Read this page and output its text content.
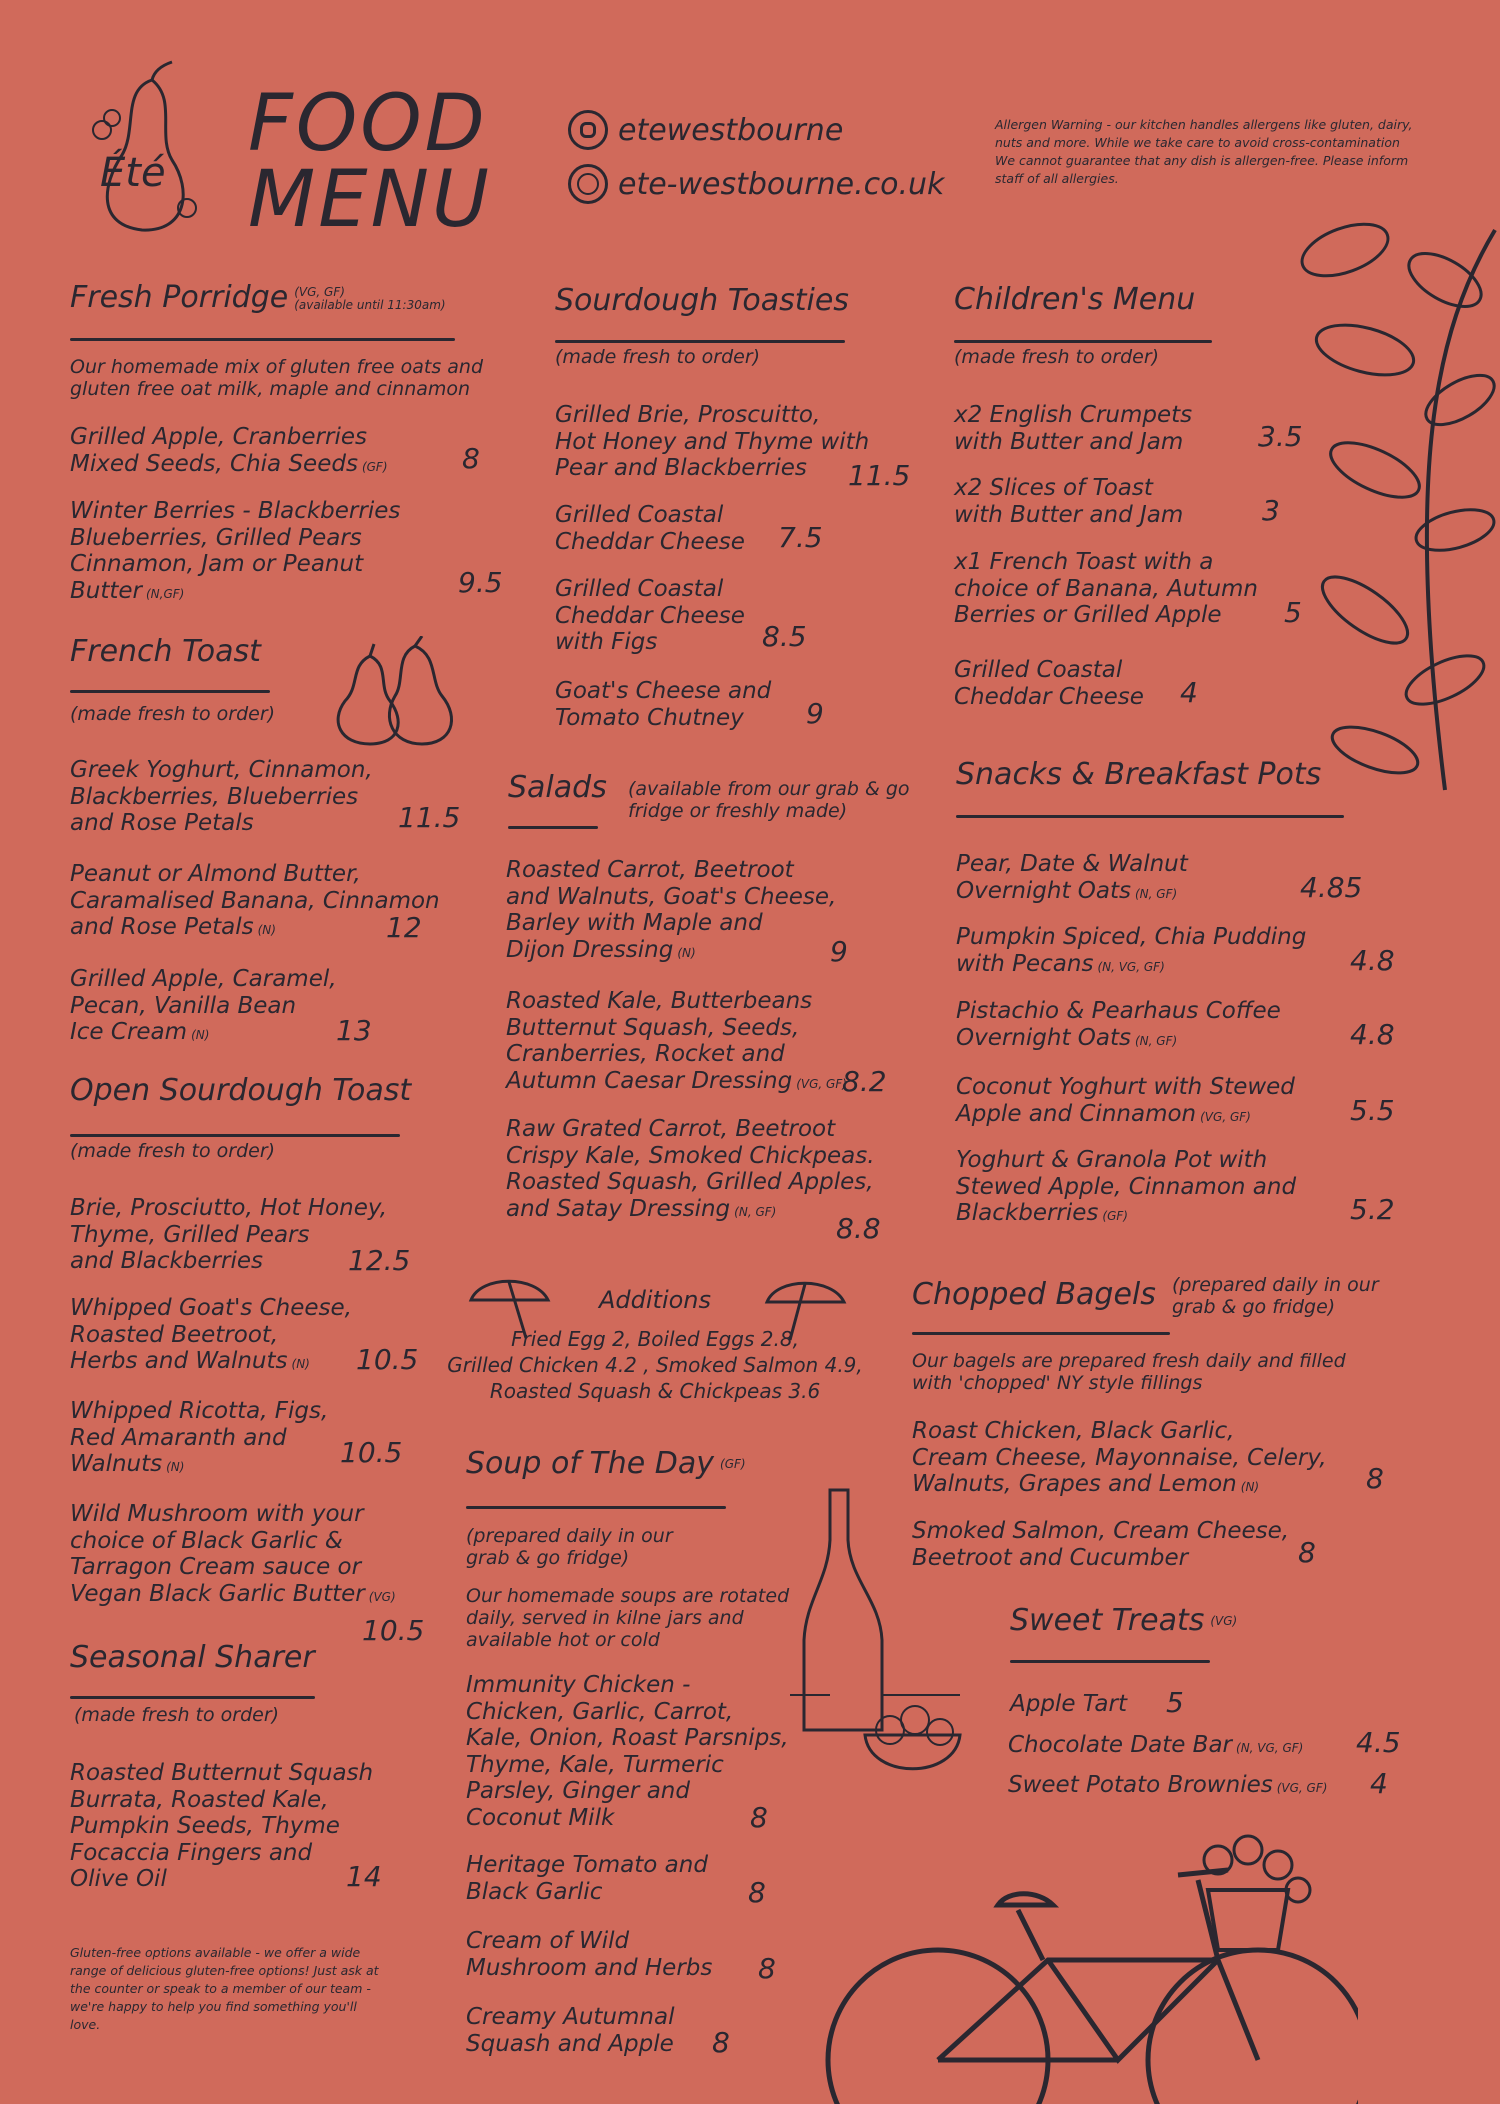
Été
FOOD
MENU
etewestbourne
ete-westbourne.co.uk
Allergen Warning - our kitchen handles allergens like gluten, dairy, nuts and more. While we take care to avoid cross-contamination We cannot guarantee that any dish is allergen-free. Please inform staff of all allergies.
Fresh Porridge (VG, GF)
(available until 11:30am)
Our homemade mix of gluten free oats and gluten free oat milk, maple and cinnamon
Grilled Apple, Cranberries
Mixed Seeds, Chia Seeds (GF)	8
Winter Berries - Blackberries
Blueberries, Grilled Pears
Cinnamon, Jam or Peanut
Butter (N,GF)	9.5
French Toast
(made fresh to order)
Greek Yoghurt, Cinnamon,
Blackberries, Blueberries
and Rose Petals	11.5
Peanut or Almond Butter,
Caramalised Banana, Cinnamon
and Rose Petals (N)	12
Grilled Apple, Caramel,
Pecan, Vanilla Bean
Ice Cream (N)	13
Open Sourdough Toast
(made fresh to order)
Brie, Prosciutto, Hot Honey,
Thyme, Grilled Pears
and Blackberries	12.5
Whipped Goat's Cheese,
Roasted Beetroot,
Herbs and Walnuts (N)	10.5
Whipped Ricotta, Figs,
Red Amaranth and
Walnuts (N)	10.5
Wild Mushroom with your
choice of Black Garlic &
Tarragon Cream sauce or
Vegan Black Garlic Butter (VG)
10.5
Seasonal Sharer
(made fresh to order)
Roasted Butternut Squash
Burrata, Roasted Kale,
Pumpkin Seeds, Thyme
Focaccia Fingers and
Olive Oil	14
Gluten-free options available - we offer a wide range of delicious gluten-free options! Just ask at the counter or speak to a member of our team - we're happy to help you find something you'll love.
Sourdough Toasties
(made fresh to order)
Grilled Brie, Proscuitto,
Hot Honey and Thyme with
Pear and Blackberries	11.5
Grilled Coastal
Cheddar Cheese 7.5
Grilled Coastal
Cheddar Cheese
with Figs	8.5
Goat's Cheese and
Tomato Chutney	9
Salads (available from our grab & go fridge or freshly made)
Roasted Carrot, Beetroot
and Walnuts, Goat's Cheese,
Barley with Maple and
Dijon Dressing (N)	9
Roasted Kale, Butterbeans
Butternut Squash, Seeds,
Cranberries, Rocket and
Autumn Caesar Dressing (VG, GF)
8.2
Raw Grated Carrot, Beetroot
Crispy Kale, Smoked Chickpeas.
Roasted Squash, Grilled Apples,
and Satay Dressing (N, GF)
8.8
Additions
Fried Egg 2, Boiled Eggs 2.8,
Grilled Chicken 4.2 , Smoked Salmon 4.9,
Roasted Squash & Chickpeas 3.6
Soup of The Day (GF)
(prepared daily in our grab & go fridge)
Our homemade soups are rotated daily, served in kilne jars and available hot or cold
Immunity Chicken -
Chicken, Garlic, Carrot,
Kale, Onion, Roast Parsnips,
Thyme, Kale, Turmeric
Parsley, Ginger and
Coconut Milk	8
Heritage Tomato and
Black Garlic	8
Cream of Wild
Mushroom and Herbs 8
Creamy Autumnal
Squash and Apple 8
Children's Menu
(made fresh to order)
x2 English Crumpets
with Butter and Jam	3.5
x2 Slices of Toast
with Butter and Jam	3
x1 French Toast with a
choice of Banana, Autumn
Berries or Grilled Apple	5
Grilled Coastal
Cheddar Cheese 4
Snacks & Breakfast Pots
Pear, Date & Walnut
Overnight Oats (N, GF)	4.85
Pumpkin Spiced, Chia Pudding
with Pecans (N, VG, GF)	4.8
Pistachio & Pearhaus Coffee
Overnight Oats (N, GF)	4.8
Coconut Yoghurt with Stewed
Apple and Cinnamon (VG, GF)	5.5
Yoghurt & Granola Pot with
Stewed Apple, Cinnamon and
Blackberries (GF)	5.2
Chopped Bagels (prepared daily in our grab & go fridge)
Our bagels are prepared fresh daily and filled with 'chopped' NY style fillings
Roast Chicken, Black Garlic,
Cream Cheese, Mayonnaise, Celery,
Walnuts, Grapes and Lemon (N)	8
Smoked Salmon, Cream Cheese,
Beetroot and Cucumber	8
Sweet Treats (VG)
Apple Tart 5
Chocolate Date Bar (N, VG, GF) 4.5
Sweet Potato Brownies (VG, GF) 4
